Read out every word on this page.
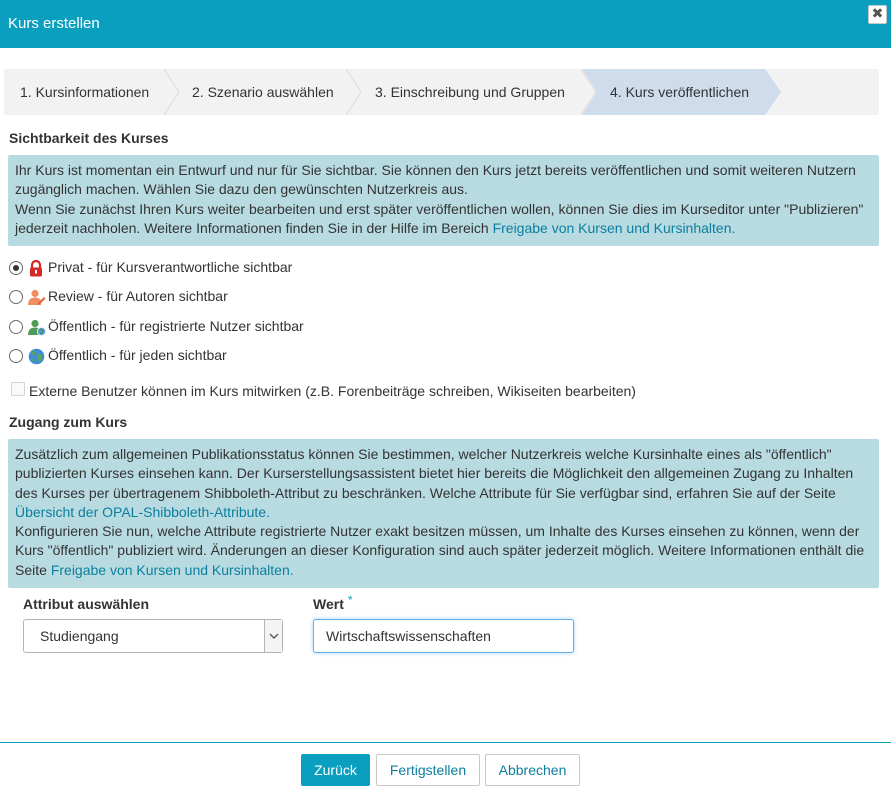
Kurs erstellen
✖
1. Kursinformationen	2. Szenario auswählen	3. Einschreibung und Gruppen	4. Kurs veröffentlichen
Sichtbarkeit des Kurses
Ihr Kurs ist momentan ein Entwurf und nur für Sie sichtbar. Sie können den Kurs jetzt bereits veröffentlichen und somit weiteren Nutzern zugänglich machen. Wählen Sie dazu den gewünschten Nutzerkreis aus.
Wenn Sie zunächst Ihren Kurs weiter bearbeiten und erst später veröffentlichen wollen, können Sie dies im Kurseditor unter "Publizieren" jederzeit nachholen. Weitere Informationen finden Sie in der Hilfe im Bereich Freigabe von Kursen und Kursinhalten.
Privat - für Kursverantwortliche sichtbar
Review - für Autoren sichtbar
Öffentlich - für registrierte Nutzer sichtbar
Öffentlich - für jeden sichtbar
Externe Benutzer können im Kurs mitwirken (z.B. Forenbeiträge schreiben, Wikiseiten bearbeiten)
Zugang zum Kurs
Zusätzlich zum allgemeinen Publikationsstatus können Sie bestimmen, welcher Nutzerkreis welche Kursinhalte eines als "öffentlich" publizierten Kurses einsehen kann. Der Kurserstellungsassistent bietet hier bereits die Möglichkeit den allgemeinen Zugang zu Inhalten des Kurses per übertragenem Shibboleth-Attribut zu beschränken. Welche Attribute für Sie verfügbar sind, erfahren Sie auf der Seite Übersicht der OPAL-Shibboleth-Attribute.
Konfigurieren Sie nun, welche Attribute registrierte Nutzer exakt besitzen müssen, um Inhalte des Kurses einsehen zu können, wenn der Kurs "öffentlich" publiziert wird. Änderungen an dieser Konfiguration sind auch später jederzeit möglich. Weitere Informationen enthält die Seite Freigabe von Kursen und Kursinhalten.
Attribut auswählen	Wert *
Studiengang
Wirtschaftswissenschaften
Zurück	Fertigstellen	Abbrechen
